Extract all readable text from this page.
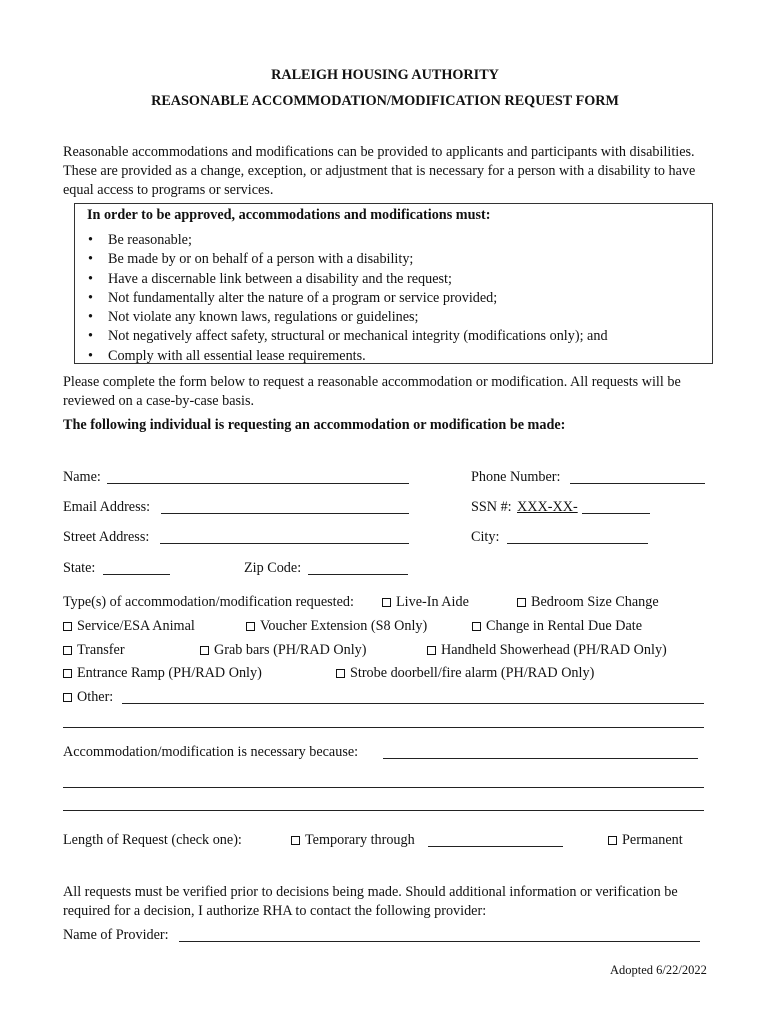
RALEIGH HOUSING AUTHORITY
REASONABLE ACCOMMODATION/MODIFICATION REQUEST FORM
Reasonable accommodations and modifications can be provided to applicants and participants with disabilities. These are provided as a change, exception, or adjustment that is necessary for a person with a disability to have equal access to programs or services.
In order to be approved, accommodations and modifications must:
• Be reasonable;
• Be made by or on behalf of a person with a disability;
• Have a discernable link between a disability and the request;
• Not fundamentally alter the nature of a program or service provided;
• Not violate any known laws, regulations or guidelines;
• Not negatively affect safety, structural or mechanical integrity (modifications only); and
• Comply with all essential lease requirements.
Please complete the form below to request a reasonable accommodation or modification. All requests will be reviewed on a case-by-case basis.
The following individual is requesting an accommodation or modification be made:
Name:	Phone Number:
Email Address:	SSN #: XXX-XX-
Street Address:	City:
State:	Zip Code:
Type(s) of accommodation/modification requested:	Live-In Aide	Bedroom Size Change
Service/ESA Animal	Voucher Extension (S8 Only)	Change in Rental Due Date
Transfer	Grab bars (PH/RAD Only)	Handheld Showerhead (PH/RAD Only)
Entrance Ramp (PH/RAD Only)	Strobe doorbell/fire alarm (PH/RAD Only)
Other:
Accommodation/modification is necessary because:
Length of Request (check one):	Temporary through	Permanent
All requests must be verified prior to decisions being made. Should additional information or verification be required for a decision, I authorize RHA to contact the following provider:
Name of Provider:
Adopted 6/22/2022
